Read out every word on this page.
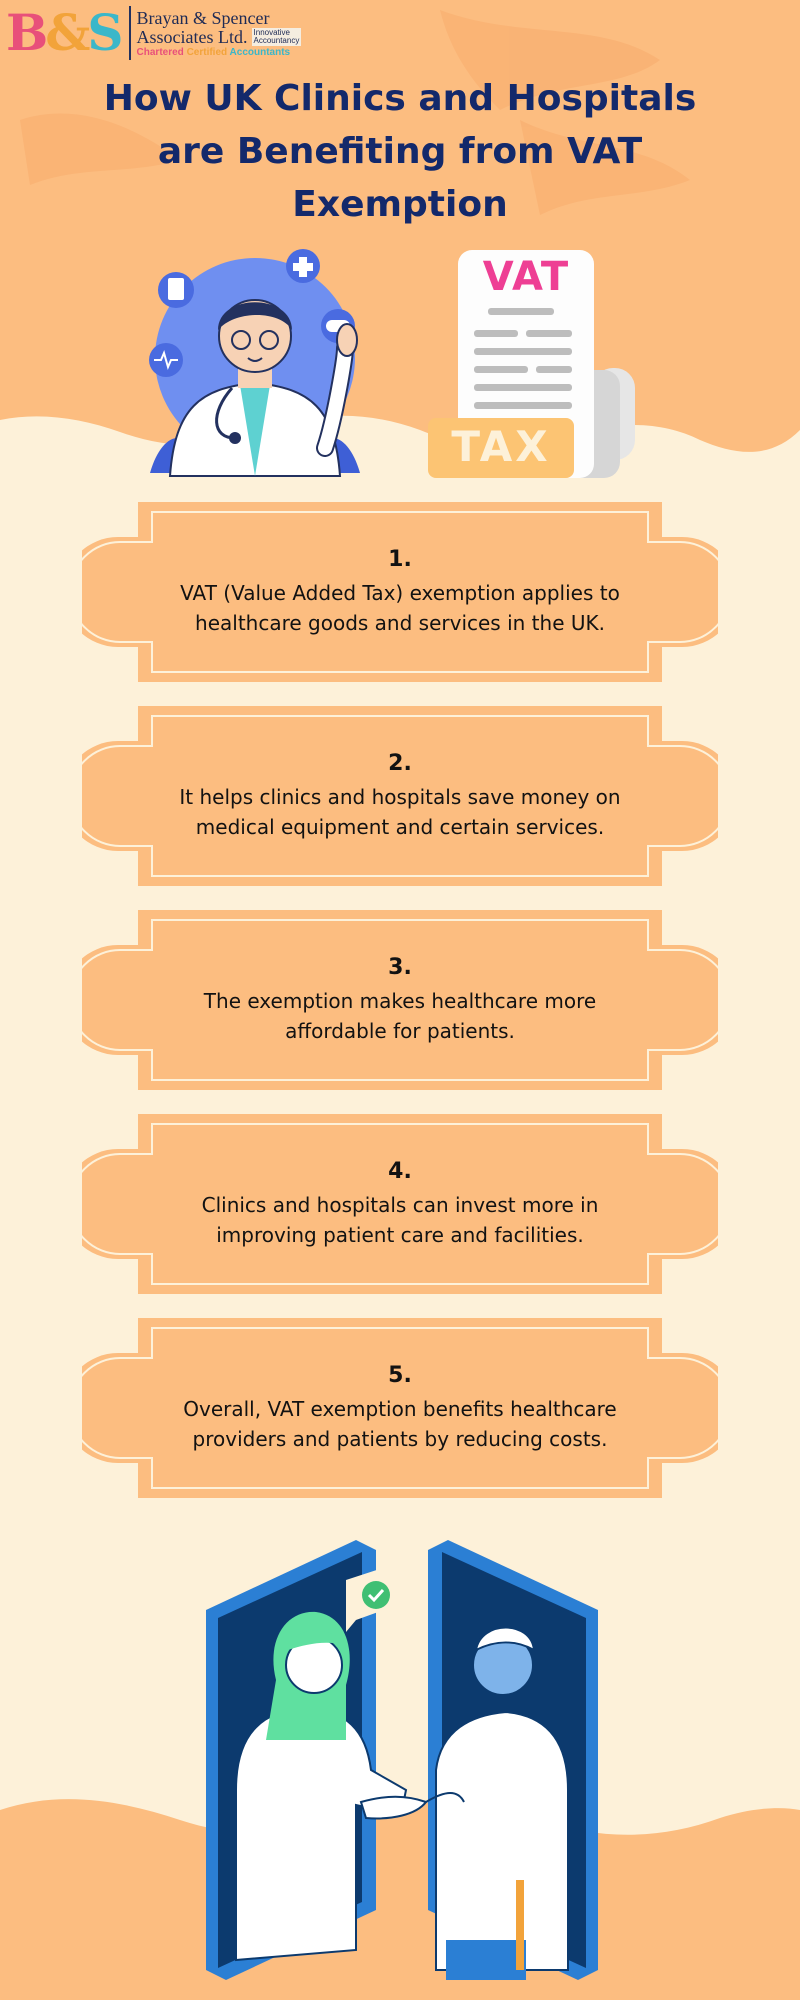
B&S Brayan & Spencer
Associates Ltd. Innovative
Accountancy
Chartered Certified Accountants
How UK Clinics and Hospitals are Benefiting from VAT Exemption
VAT
TAX
1.
VAT (Value Added Tax) exemption applies to healthcare goods and services in the UK.
2.
It helps clinics and hospitals save money on medical equipment and certain services.
3.
The exemption makes healthcare more affordable for patients.
4.
Clinics and hospitals can invest more in improving patient care and facilities.
5.
Overall, VAT exemption benefits healthcare providers and patients by reducing costs.
